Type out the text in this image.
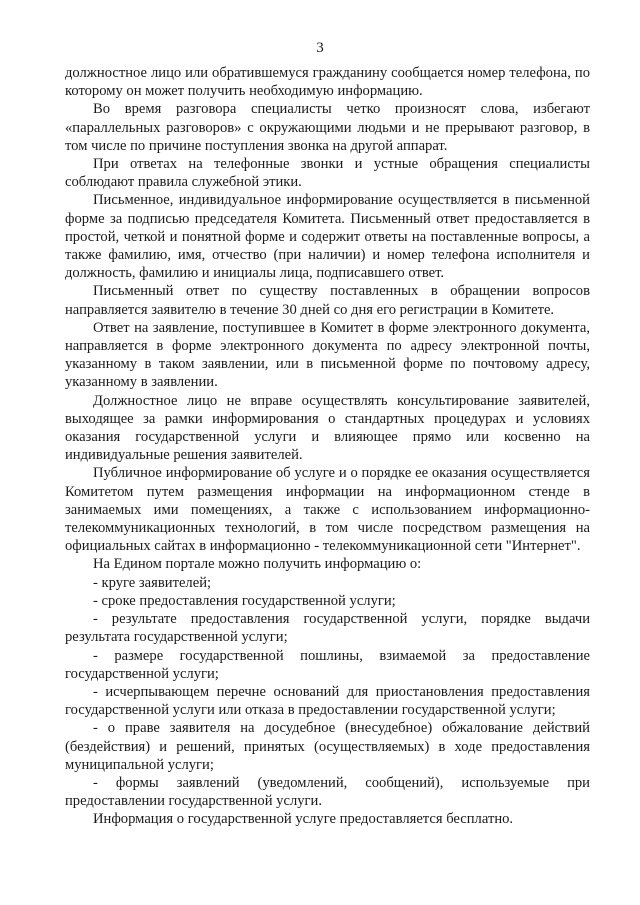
3

должностное лицо или обратившемуся гражданину сообщается номер телефона, по которому он может получить необходимую информацию.

Во время разговора специалисты четко произносят слова, избегают «параллельных разговоров» с окружающими людьми и не прерывают разговор, в том числе по причине поступления звонка на другой аппарат.

При ответах на телефонные звонки и устные обращения специалисты соблюдают правила служебной этики.

Письменное, индивидуальное информирование осуществляется в письменной форме за подписью председателя Комитета. Письменный ответ предоставляется в простой, четкой и понятной форме и содержит ответы на поставленные вопросы, а также фамилию, имя, отчество (при наличии) и номер телефона исполнителя и должность, фамилию и инициалы лица, подписавшего ответ.

Письменный ответ по существу поставленных в обращении вопросов направляется заявителю в течение 30 дней со дня его регистрации в Комитете.

Ответ на заявление, поступившее в Комитет в форме электронного документа, направляется в форме электронного документа по адресу электронной почты, указанному в таком заявлении, или в письменной форме по почтовому адресу, указанному в заявлении.

Должностное лицо не вправе осуществлять консультирование заявителей, выходящее за рамки информирования о стандартных процедурах и условиях оказания государственной услуги и влияющее прямо или косвенно на индивидуальные решения заявителей.

Публичное информирование об услуге и о порядке ее оказания осуществляется Комитетом путем размещения информации на информационном стенде в занимаемых ими помещениях, а также с использованием информационно-телекоммуникационных технологий, в том числе посредством размещения на официальных сайтах в информационно - телекоммуникационной сети "Интернет".

На Едином портале можно получить информацию о:

- круге заявителей;

- сроке предоставления государственной услуги;

- результате предоставления государственной услуги, порядке выдачи результата государственной услуги;

- размере государственной пошлины, взимаемой за предоставление государственной услуги;

- исчерпывающем перечне оснований для приостановления предоставления государственной услуги или отказа в предоставлении государственной услуги;

- о праве заявителя на досудебное (внесудебное) обжалование действий (бездействия) и решений, принятых (осуществляемых) в ходе предоставления муниципальной услуги;

- формы заявлений (уведомлений, сообщений), используемые при предоставлении государственной услуги.

Информация о государственной услуге предоставляется бесплатно.
